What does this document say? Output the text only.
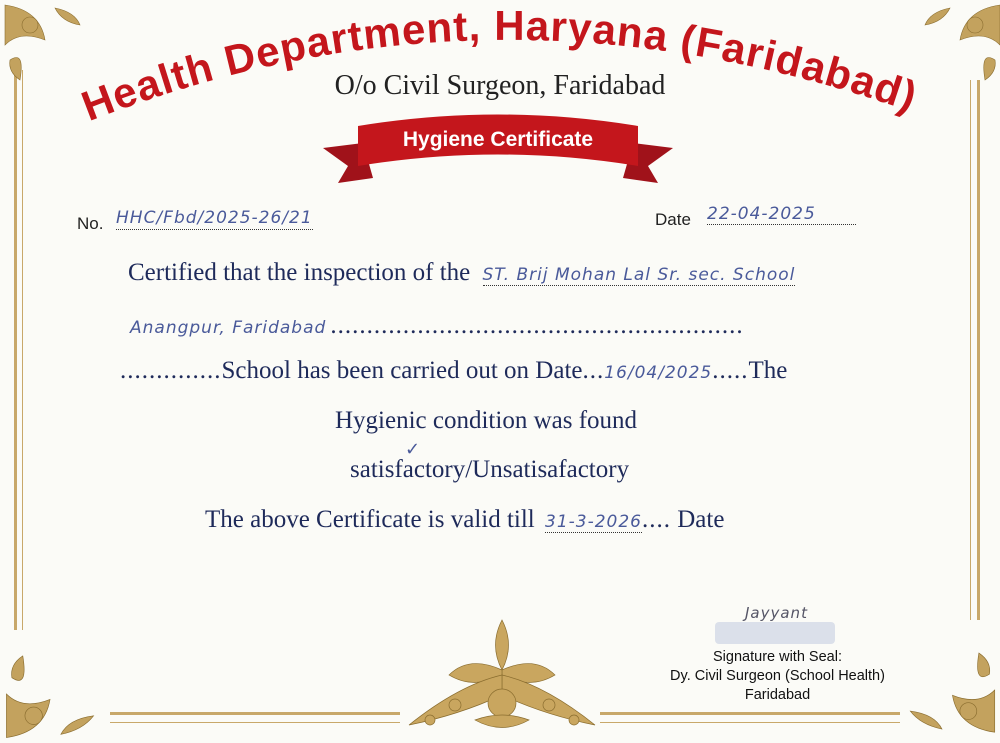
Health Department, Haryana (Faridabad)
O/o Civil Surgeon, Faridabad
Hygiene Certificate
No. HHC/Fbd/2025-26/21	Date 22-04-2025
Certified that the inspection of the ST. Brij Mohan Lal Sr. sec. School
Anangpur, Faridabad .........................................................
..............School has been carried out on Date...16/04/2025.....The
Hygienic condition was found
satisfactory/Unsatisafactory
✓
The above Certificate is valid till 31-3-2026.... Date
Jayyant
Signature with Seal:
Dy. Civil Surgeon (School Health)
Faridabad
